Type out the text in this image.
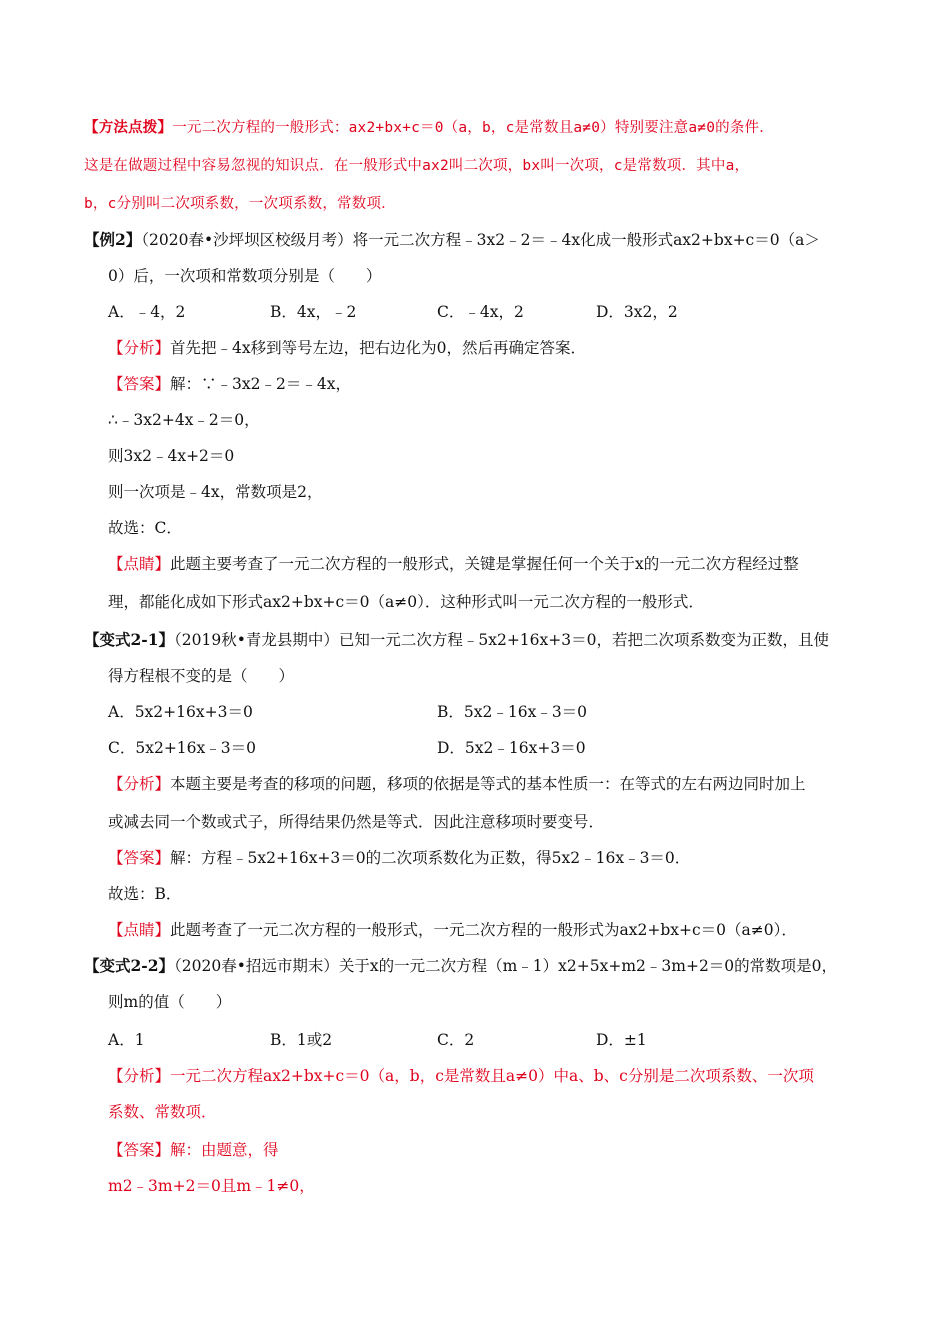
【方法点拨】一元二次方程的一般形式：ax2+bx+c＝0（a，b，c是常数且a≠0）特别要注意a≠0的条件．
这是在做题过程中容易忽视的知识点．在一般形式中ax2叫二次项，bx叫一次项，c是常数项．其中a，
b，c分别叫二次项系数，一次项系数，常数项．
【例2】（2020春•沙坪坝区校级月考）将一元二次方程﹣3x2﹣2＝﹣4x化成一般形式ax2+bx+c＝0（a＞
0）后，一次项和常数项分别是（　　）
A．﹣4，2	B．4x，﹣2	C．﹣4x，2	D．3x2，2
【分析】首先把﹣4x移到等号左边，把右边化为0，然后再确定答案．
【答案】解：∵﹣3x2﹣2＝﹣4x，
∴﹣3x2+4x﹣2＝0，
则3x2﹣4x+2＝0
则一次项是﹣4x，常数项是2，
故选：C．
【点睛】此题主要考查了一元二次方程的一般形式，关键是掌握任何一个关于x的一元二次方程经过整
理，都能化成如下形式ax2+bx+c＝0（a≠0）．这种形式叫一元二次方程的一般形式．
【变式2-1】（2019秋•青龙县期中）已知一元二次方程﹣5x2+16x+3＝0，若把二次项系数变为正数，且使
得方程根不变的是（　　）
A．5x2+16x+3＝0	B．5x2﹣16x﹣3＝0
C．5x2+16x﹣3＝0	D．5x2﹣16x+3＝0
【分析】本题主要是考查的移项的问题，移项的依据是等式的基本性质一：在等式的左右两边同时加上
或减去同一个数或式子，所得结果仍然是等式．因此注意移项时要变号．
【答案】解：方程﹣5x2+16x+3＝0的二次项系数化为正数，得5x2﹣16x﹣3＝0．
故选：B．
【点睛】此题考查了一元二次方程的一般形式，一元二次方程的一般形式为ax2+bx+c＝0（a≠0）．
【变式2-2】（2020春•招远市期末）关于x的一元二次方程（m﹣1）x2+5x+m2﹣3m+2＝0的常数项是0，
则m的值（　　）
A．1	B．1或2	C．2	D．±1
【分析】一元二次方程ax2+bx+c＝0（a，b，c是常数且a≠0）中a、b、c分别是二次项系数、一次项
系数、常数项．
【答案】解：由题意，得
m2﹣3m+2＝0且m﹣1≠0，
